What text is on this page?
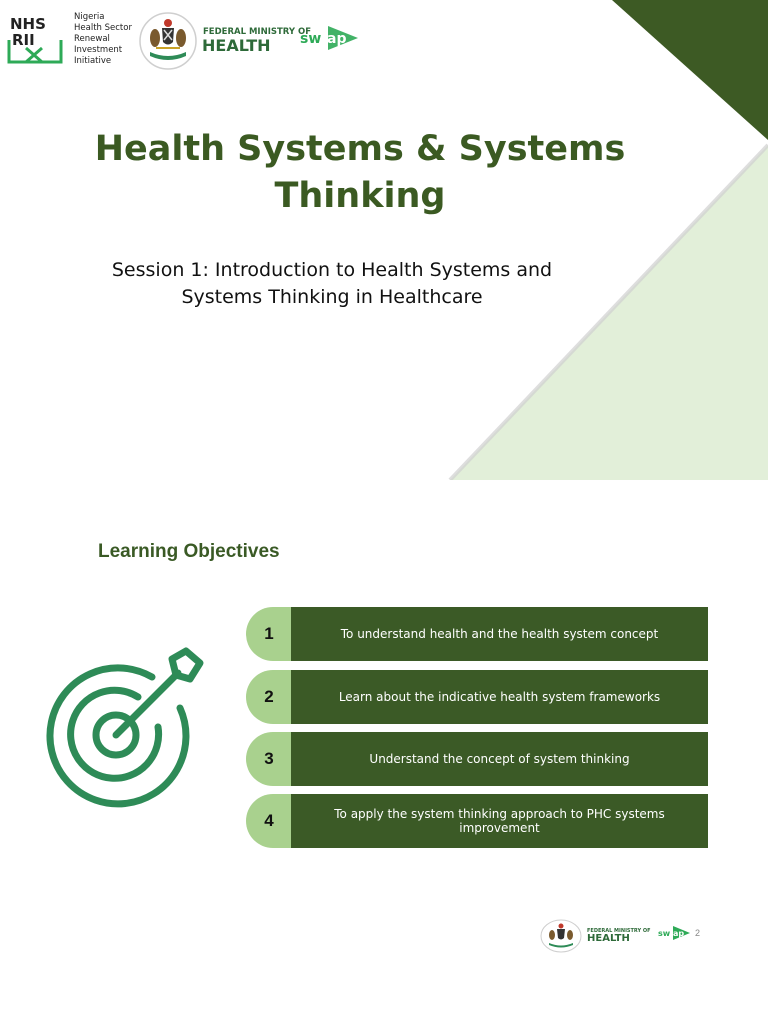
NHS
RII
Nigeria
Health Sector
Renewal
Investment
Initiative
FEDERAL MINISTRY OF
HEALTH sw ap
Health Systems & Systems Thinking
Session 1: Introduction to Health Systems and Systems Thinking in Healthcare
Learning Objectives
1	To understand health and the health system concept
2	Learn about the indicative health system frameworks
3	Understand the concept of system thinking
4	To apply the system thinking approach to PHC systems improvement
FEDERAL MINISTRY OF
HEALTH	sw ap 2
